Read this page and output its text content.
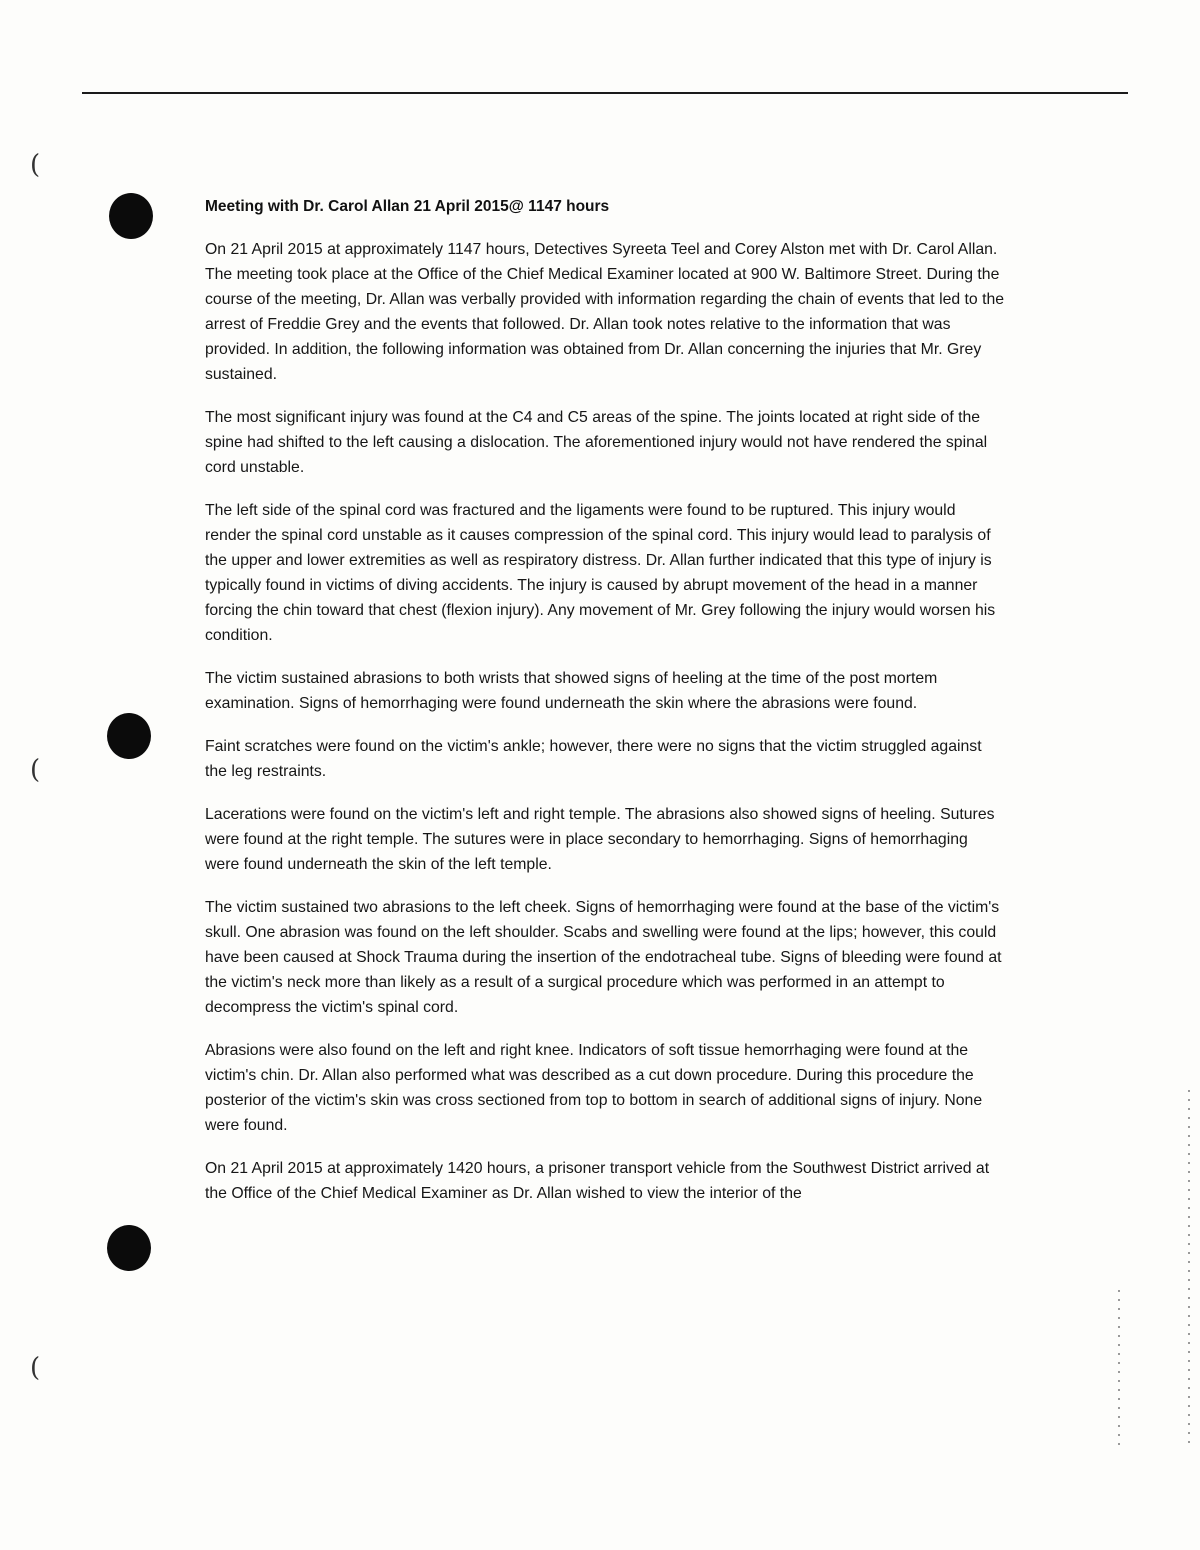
(
(
(
Meeting with Dr. Carol Allan 21 April 2015@ 1147 hours

On 21 April 2015 at approximately 1147 hours, Detectives Syreeta Teel and Corey Alston met with Dr. Carol Allan. The meeting took place at the Office of the Chief Medical Examiner located at 900 W. Baltimore Street. During the course of the meeting, Dr. Allan was verbally provided with information regarding the chain of events that led to the arrest of Freddie Grey and the events that followed. Dr. Allan took notes relative to the information that was provided. In addition, the following information was obtained from Dr. Allan concerning the injuries that Mr. Grey sustained.

The most significant injury was found at the C4 and C5 areas of the spine. The joints located at right side of the spine had shifted to the left causing a dislocation. The aforementioned injury would not have rendered the spinal cord unstable.

The left side of the spinal cord was fractured and the ligaments were found to be ruptured. This injury would render the spinal cord unstable as it causes compression of the spinal cord. This injury would lead to paralysis of the upper and lower extremities as well as respiratory distress. Dr. Allan further indicated that this type of injury is typically found in victims of diving accidents. The injury is caused by abrupt movement of the head in a manner forcing the chin toward that chest (flexion injury). Any movement of Mr. Grey following the injury would worsen his condition.

The victim sustained abrasions to both wrists that showed signs of heeling at the time of the post mortem examination. Signs of hemorrhaging were found underneath the skin where the abrasions were found.

Faint scratches were found on the victim's ankle; however, there were no signs that the victim struggled against the leg restraints.

Lacerations were found on the victim's left and right temple. The abrasions also showed signs of heeling. Sutures were found at the right temple. The sutures were in place secondary to hemorrhaging. Signs of hemorrhaging were found underneath the skin of the left temple.

The victim sustained two abrasions to the left cheek. Signs of hemorrhaging were found at the base of the victim's skull. One abrasion was found on the left shoulder. Scabs and swelling were found at the lips; however, this could have been caused at Shock Trauma during the insertion of the endotracheal tube. Signs of bleeding were found at the victim's neck more than likely as a result of a surgical procedure which was performed in an attempt to decompress the victim's spinal cord.

Abrasions were also found on the left and right knee. Indicators of soft tissue hemorrhaging were found at the victim's chin. Dr. Allan also performed what was described as a cut down procedure. During this procedure the posterior of the victim's skin was cross sectioned from top to bottom in search of additional signs of injury. None were found.

On 21 April 2015 at approximately 1420 hours, a prisoner transport vehicle from the Southwest District arrived at the Office of the Chief Medical Examiner as Dr. Allan wished to view the interior of the
